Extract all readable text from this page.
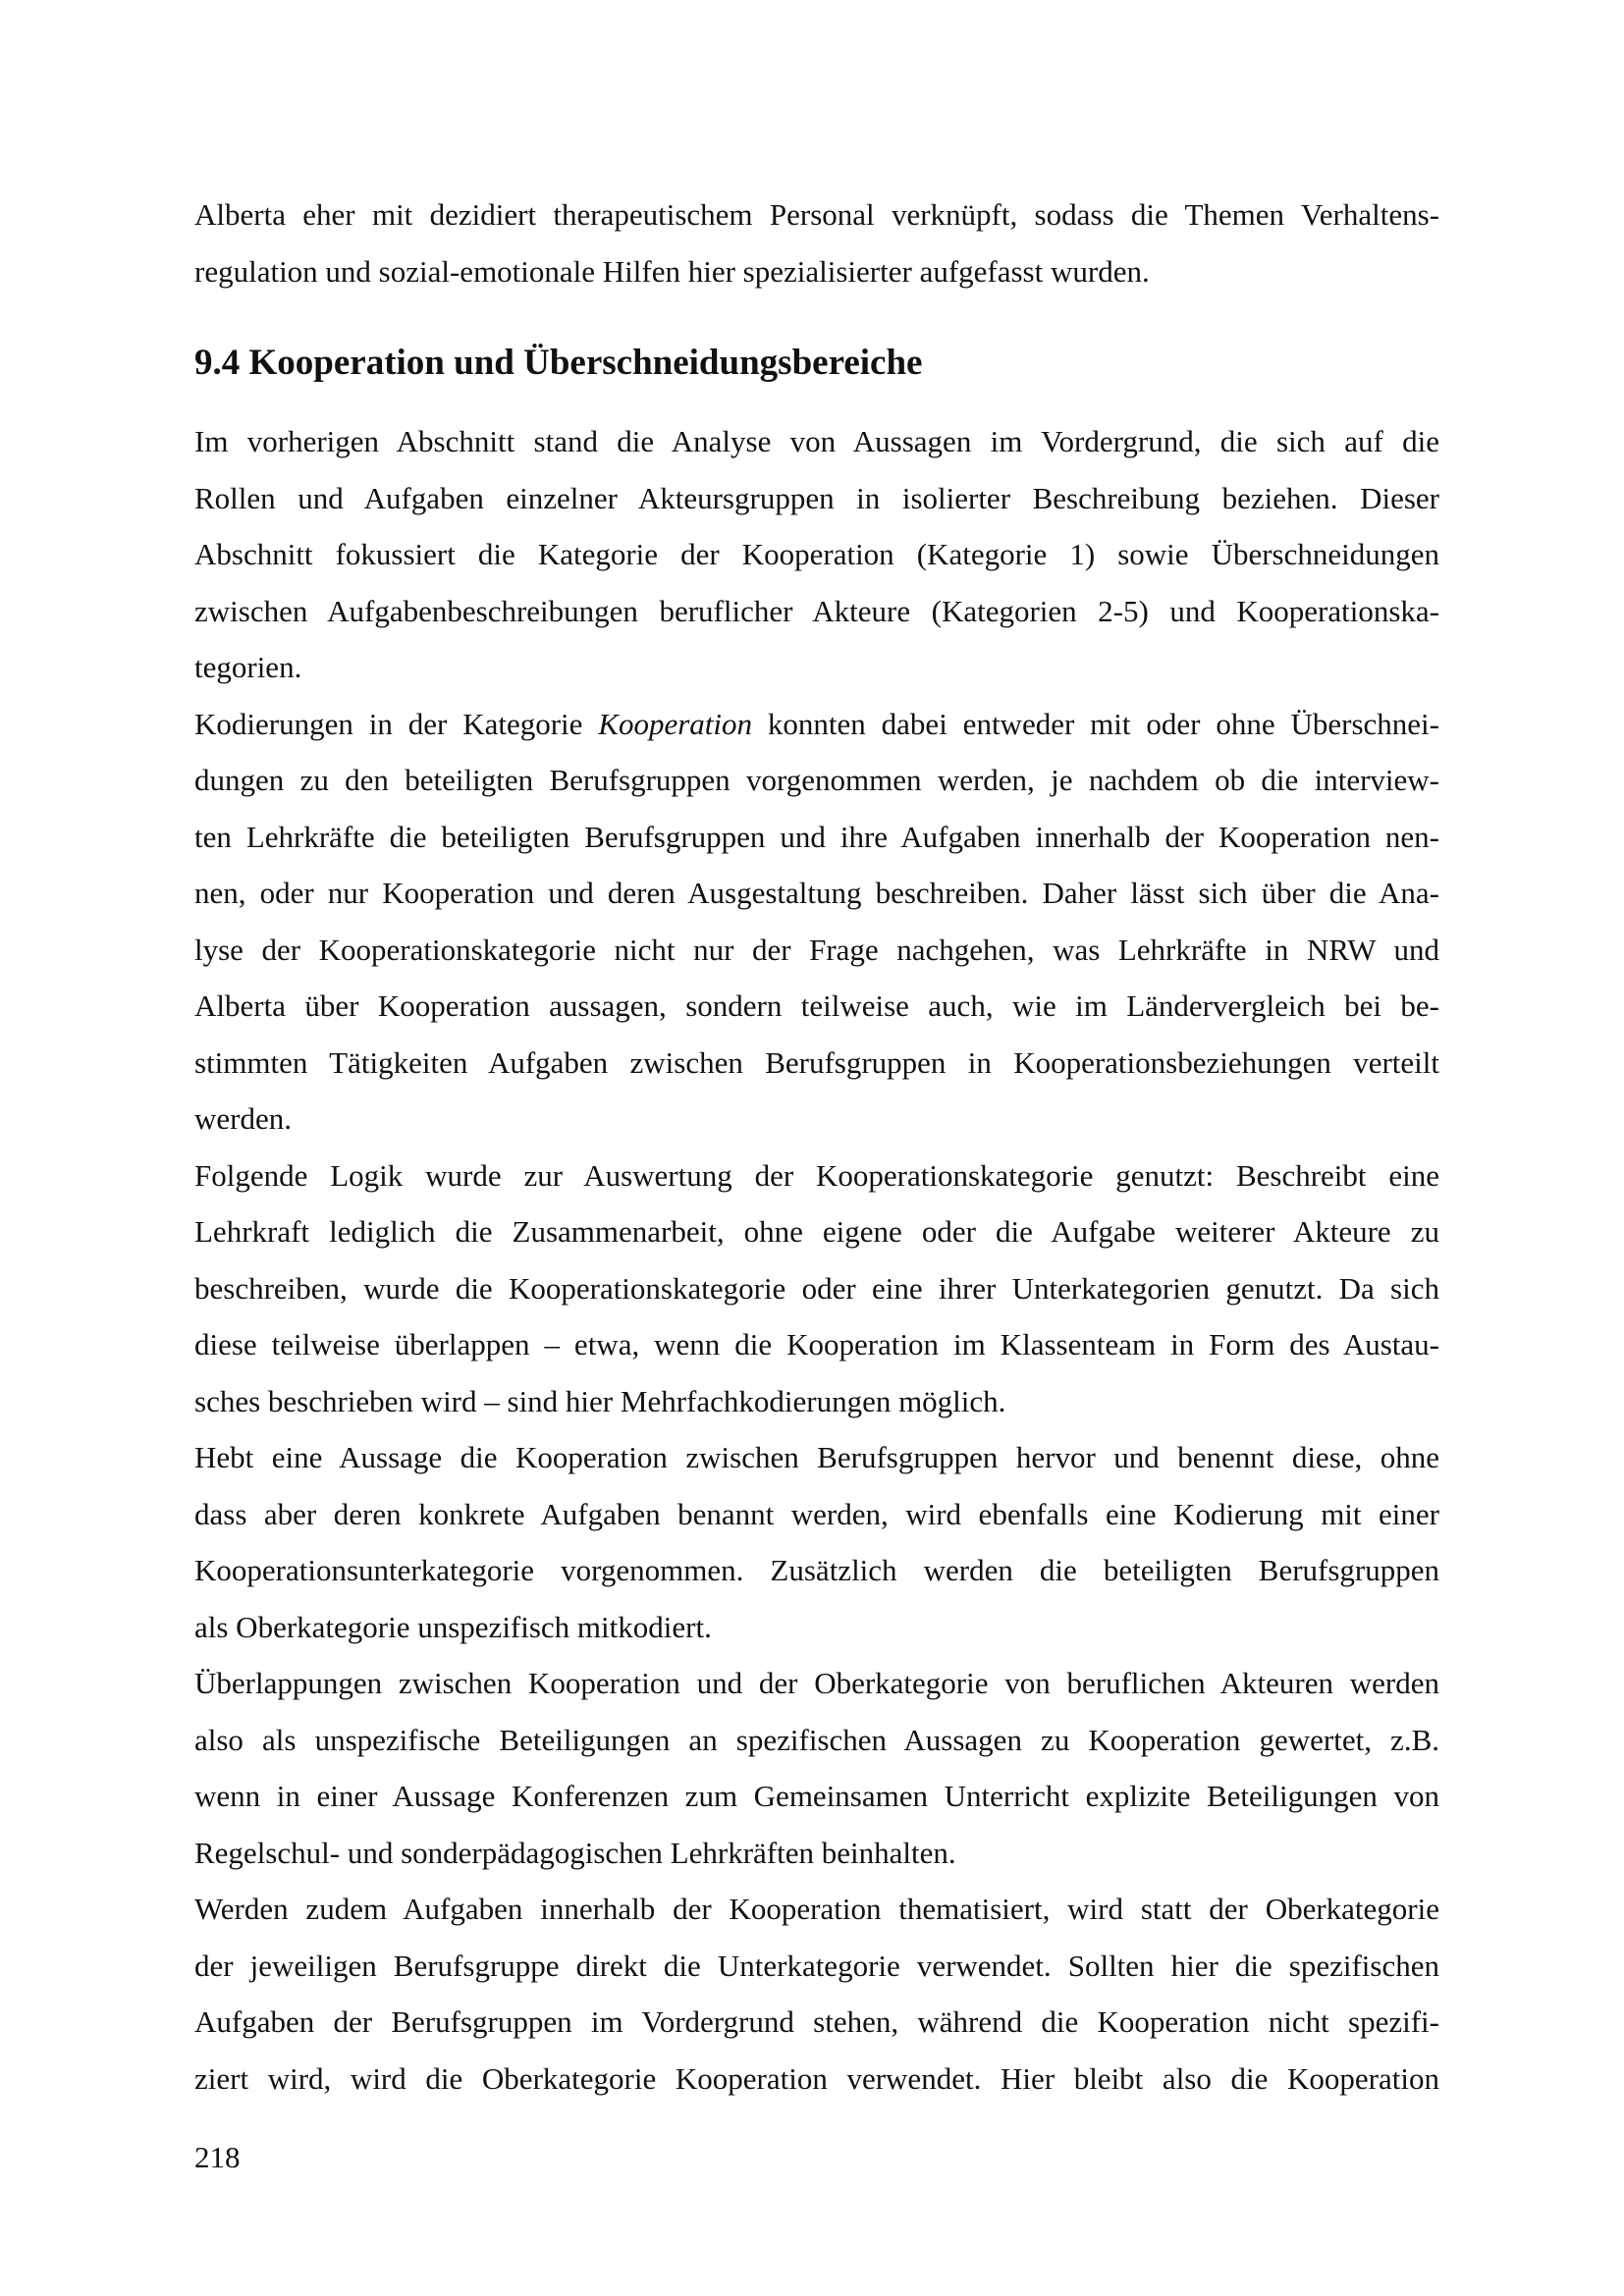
Alberta eher mit dezidiert therapeutischem Personal verknüpft, sodass die Themen Verhaltens-
regulation und sozial-emotionale Hilfen hier spezialisierter aufgefasst wurden.
9.4 Kooperation und Überschneidungsbereiche
Im vorherigen Abschnitt stand die Analyse von Aussagen im Vordergrund, die sich auf die
Rollen und Aufgaben einzelner Akteursgruppen in isolierter Beschreibung beziehen. Dieser
Abschnitt fokussiert die Kategorie der Kooperation (Kategorie 1) sowie Überschneidungen
zwischen Aufgabenbeschreibungen beruflicher Akteure (Kategorien 2-5) und Kooperationska-
tegorien.
Kodierungen in der Kategorie Kooperation konnten dabei entweder mit oder ohne Überschnei-
dungen zu den beteiligten Berufsgruppen vorgenommen werden, je nachdem ob die interview-
ten Lehrkräfte die beteiligten Berufsgruppen und ihre Aufgaben innerhalb der Kooperation nen-
nen, oder nur Kooperation und deren Ausgestaltung beschreiben. Daher lässt sich über die Ana-
lyse der Kooperationskategorie nicht nur der Frage nachgehen, was Lehrkräfte in NRW und
Alberta über Kooperation aussagen, sondern teilweise auch, wie im Ländervergleich bei be-
stimmten Tätigkeiten Aufgaben zwischen Berufsgruppen in Kooperationsbeziehungen verteilt
werden.
Folgende Logik wurde zur Auswertung der Kooperationskategorie genutzt: Beschreibt eine
Lehrkraft lediglich die Zusammenarbeit, ohne eigene oder die Aufgabe weiterer Akteure zu
beschreiben, wurde die Kooperationskategorie oder eine ihrer Unterkategorien genutzt. Da sich
diese teilweise überlappen – etwa, wenn die Kooperation im Klassenteam in Form des Austau-
sches beschrieben wird – sind hier Mehrfachkodierungen möglich.
Hebt eine Aussage die Kooperation zwischen Berufsgruppen hervor und benennt diese, ohne
dass aber deren konkrete Aufgaben benannt werden, wird ebenfalls eine Kodierung mit einer
Kooperationsunterkategorie vorgenommen. Zusätzlich werden die beteiligten Berufsgruppen
als Oberkategorie unspezifisch mitkodiert.
Überlappungen zwischen Kooperation und der Oberkategorie von beruflichen Akteuren werden
also als unspezifische Beteiligungen an spezifischen Aussagen zu Kooperation gewertet, z.B.
wenn in einer Aussage Konferenzen zum Gemeinsamen Unterricht explizite Beteiligungen von
Regelschul- und sonderpädagogischen Lehrkräften beinhalten.
Werden zudem Aufgaben innerhalb der Kooperation thematisiert, wird statt der Oberkategorie
der jeweiligen Berufsgruppe direkt die Unterkategorie verwendet. Sollten hier die spezifischen
Aufgaben der Berufsgruppen im Vordergrund stehen, während die Kooperation nicht spezifi-
ziert wird, wird die Oberkategorie Kooperation verwendet. Hier bleibt also die Kooperation
218
